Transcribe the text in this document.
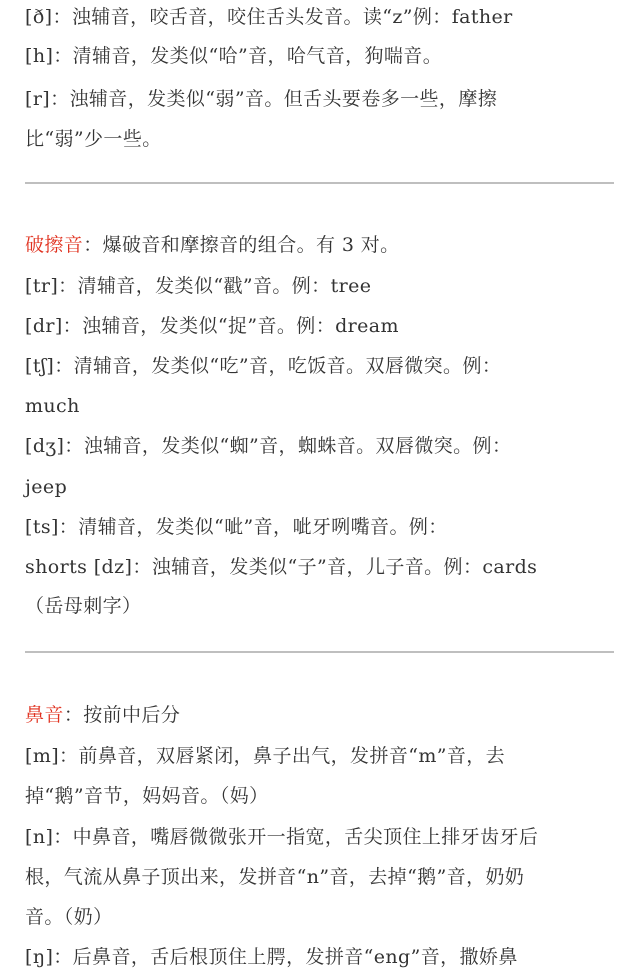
[ð]：浊辅音，咬舌音，咬住舌头发音。读“z”例：father
[h]：清辅音，发类似“哈”音，哈气音，狗喘音。
[r]：浊辅音，发类似“弱”音。但舌头要卷多一些，摩擦
比“弱”少一些。
破擦音：爆破音和摩擦音的组合。有 3 对。
[tr]：清辅音，发类似“戳”音。例：tree
[dr]：浊辅音，发类似“捉”音。例：dream
[tʃ]：清辅音，发类似“吃”音，吃饭音。双唇微突。例：
much
[dʒ]：浊辅音，发类似“蜘”音，蜘蛛音。双唇微突。例：
jeep
[ts]：清辅音，发类似“呲”音，呲牙咧嘴音。例：
shorts [dz]：浊辅音，发类似“子”音，儿子音。例：cards
（岳母刺字）
鼻音：按前中后分
[m]：前鼻音，双唇紧闭，鼻子出气，发拼音“m”音，去
掉“鹅”音节，妈妈音。（妈）
[n]：中鼻音，嘴唇微微张开一指宽，舌尖顶住上排牙齿牙后
根，气流从鼻子顶出来，发拼音“n”音，去掉“鹅”音，奶奶
音。（奶）
[ŋ]：后鼻音，舌后根顶住上腭，发拼音“eng”音，撒娇鼻
